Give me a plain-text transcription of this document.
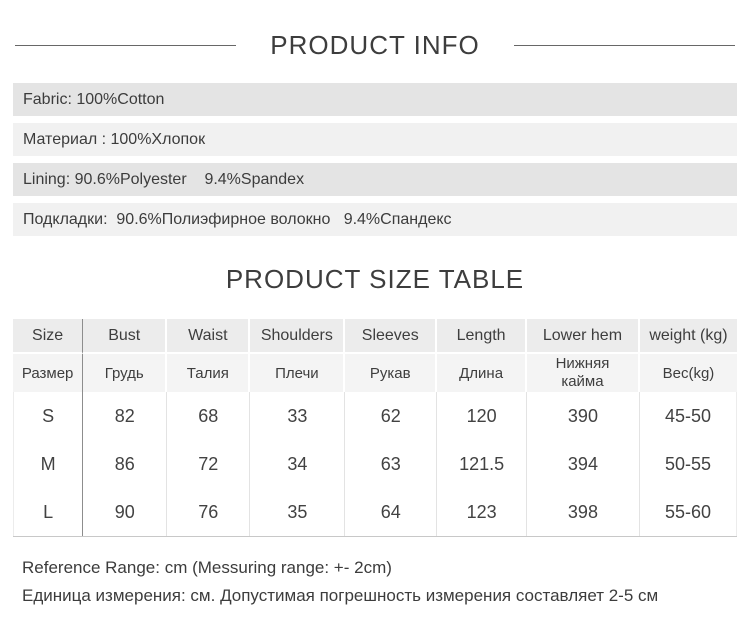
PRODUCT INFO
Fabric: 100%Cotton
Материал : 100%Хлопок
Lining: 90.6%Polyester    9.4%Spandex
Подкладки:  90.6%Полиэфирное волокно   9.4%Спандекс
PRODUCT SIZE TABLE
Size	Bust	Waist	Shoulders	Sleeves	Length	Lower hem	weight (kg)
Размер	Грудь	Талия	Плечи	Рукав	Длина	Нижняя кайма	Вес(kg)
S	82	68	33	62	120	390	45-50
M	86	72	34	63	121.5	394	50-55
L	90	76	35	64	123	398	55-60
Reference Range: cm (Messuring range: +- 2cm)
Единица измерения: см. Допустимая погрешность измерения составляет 2-5 см
